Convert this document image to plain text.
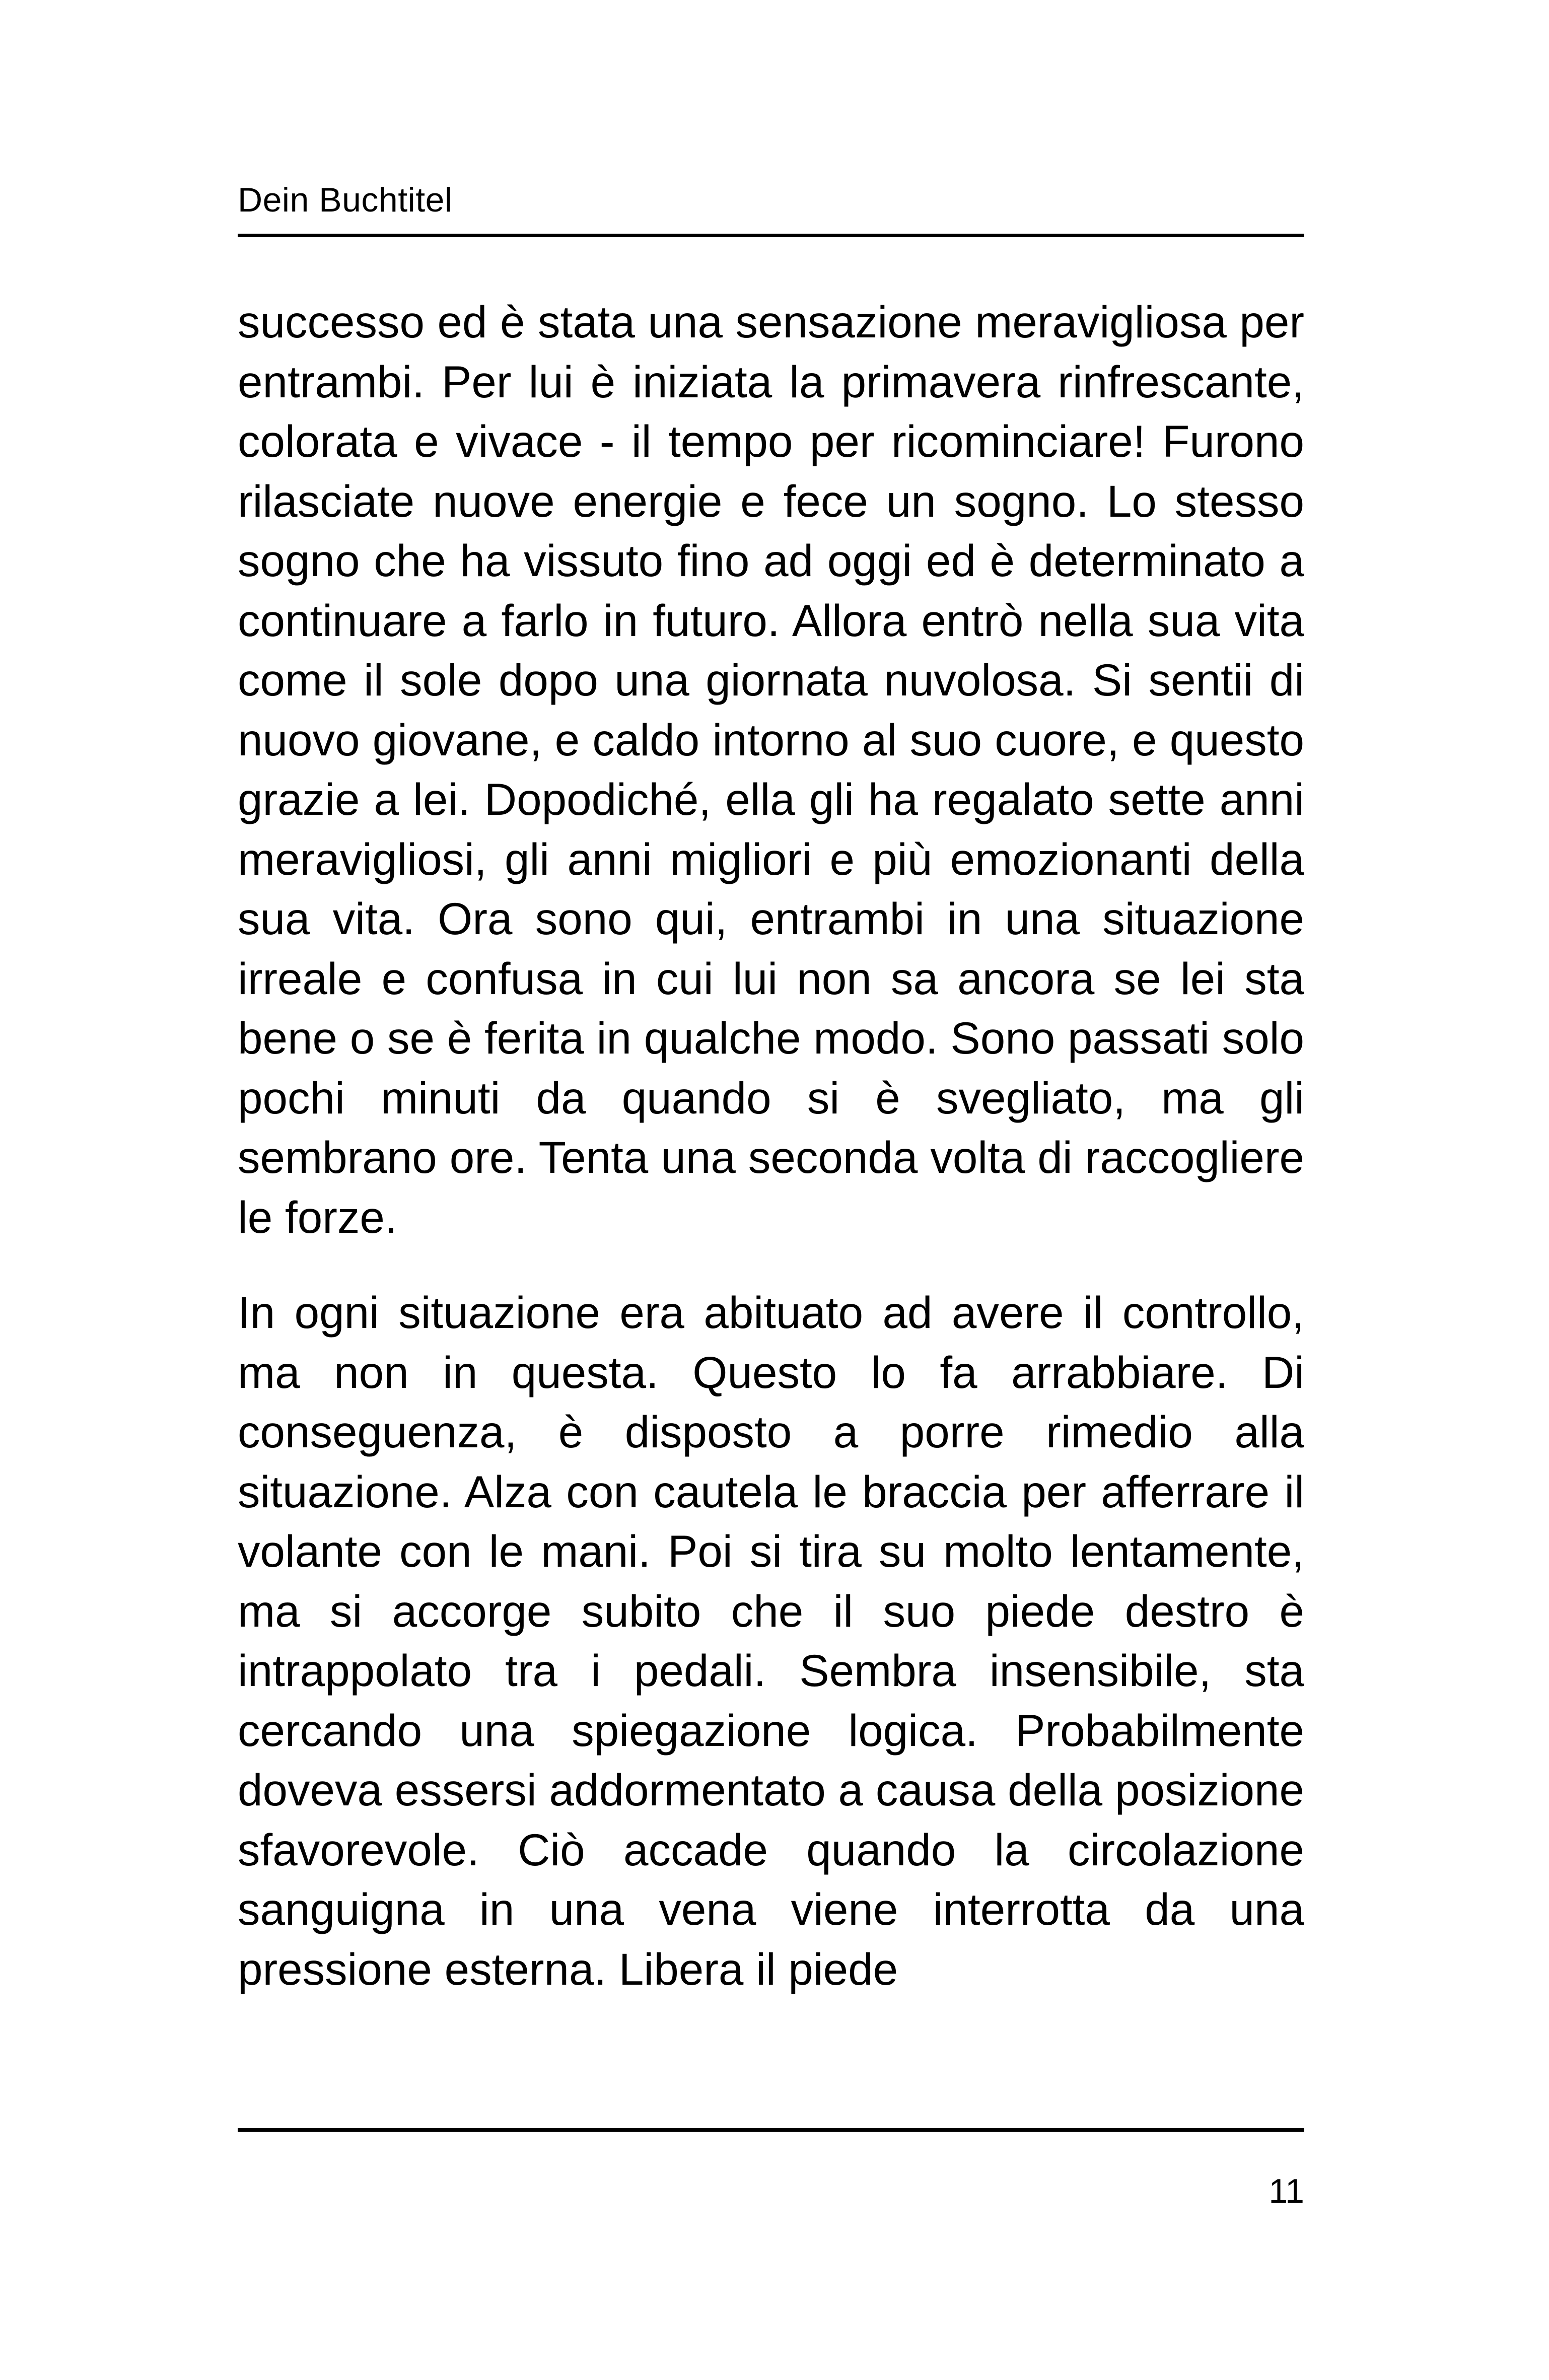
Dein Buchtitel

successo ed è stata una sensazione meravigliosa per entrambi. Per lui è iniziata la primavera rinfrescante, colorata e vivace - il tempo per ricominciare! Furono rilasciate nuove energie e fece un sogno. Lo stesso sogno che ha vissuto fino ad oggi ed è determinato a continuare a farlo in futuro. Allora entrò nella sua vita come il sole dopo una giornata nuvolosa. Si sentii di nuovo giovane, e caldo intorno al suo cuore, e questo grazie a lei. Dopodiché, ella gli ha regalato sette anni meravigliosi, gli anni migliori e più emozionanti della sua vita. Ora sono qui, entrambi in una situazione irreale e confusa in cui lui non sa ancora se lei sta bene o se è ferita in qualche modo. Sono passati solo pochi minuti da quando si è svegliato, ma gli sembrano ore. Tenta una seconda volta di raccogliere le forze.

In ogni situazione era abituato ad avere il controllo, ma non in questa. Questo lo fa arrabbiare. Di conseguenza, è disposto a porre rimedio alla situazione. Alza con cautela le braccia per afferrare il volante con le mani. Poi si tira su molto lentamente, ma si accorge subito che il suo piede destro è intrappolato tra i pedali. Sembra insensibile, sta cercando una spiegazione logica. Probabilmente doveva essersi addormentato a causa della posizione sfavorevole. Ciò accade quando la circolazione sanguigna in una vena viene interrotta da una pressione esterna. Libera il piede

11
